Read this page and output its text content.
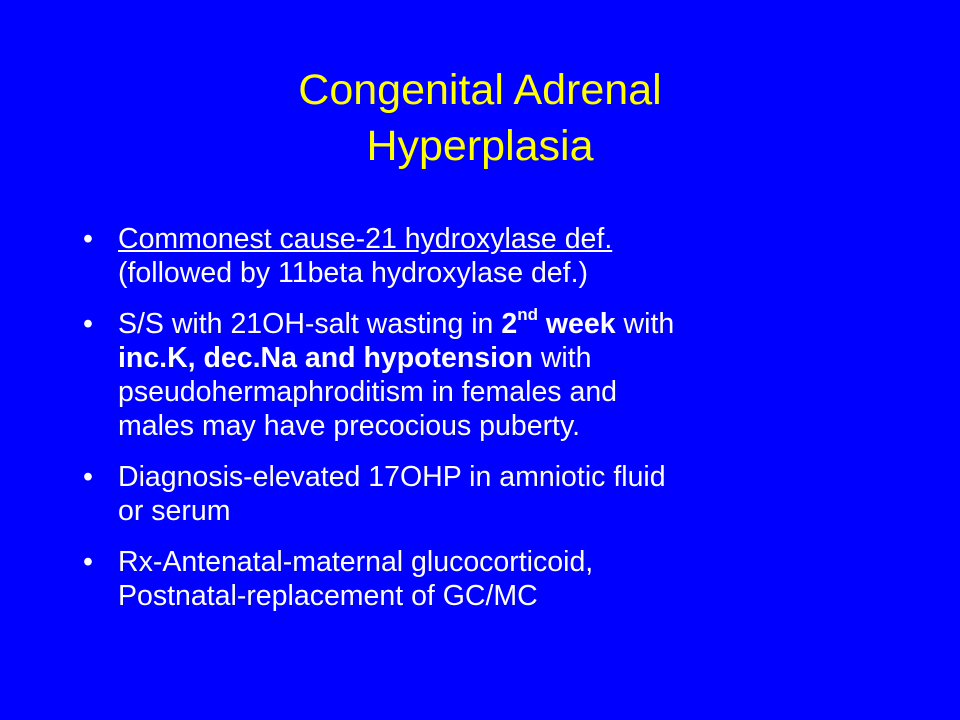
Congenital Adrenal
Hyperplasia
• Commonest cause-21 hydroxylase def.
(followed by 11beta hydroxylase def.)
• S/S with 21OH-salt wasting in 2nd week with
inc.K, dec.Na and hypotension with
pseudohermaphroditism in females and
males may have precocious puberty.
• Diagnosis-elevated 17OHP in amniotic fluid
or serum
• Rx-Antenatal-maternal glucocorticoid,
Postnatal-replacement of GC/MC
